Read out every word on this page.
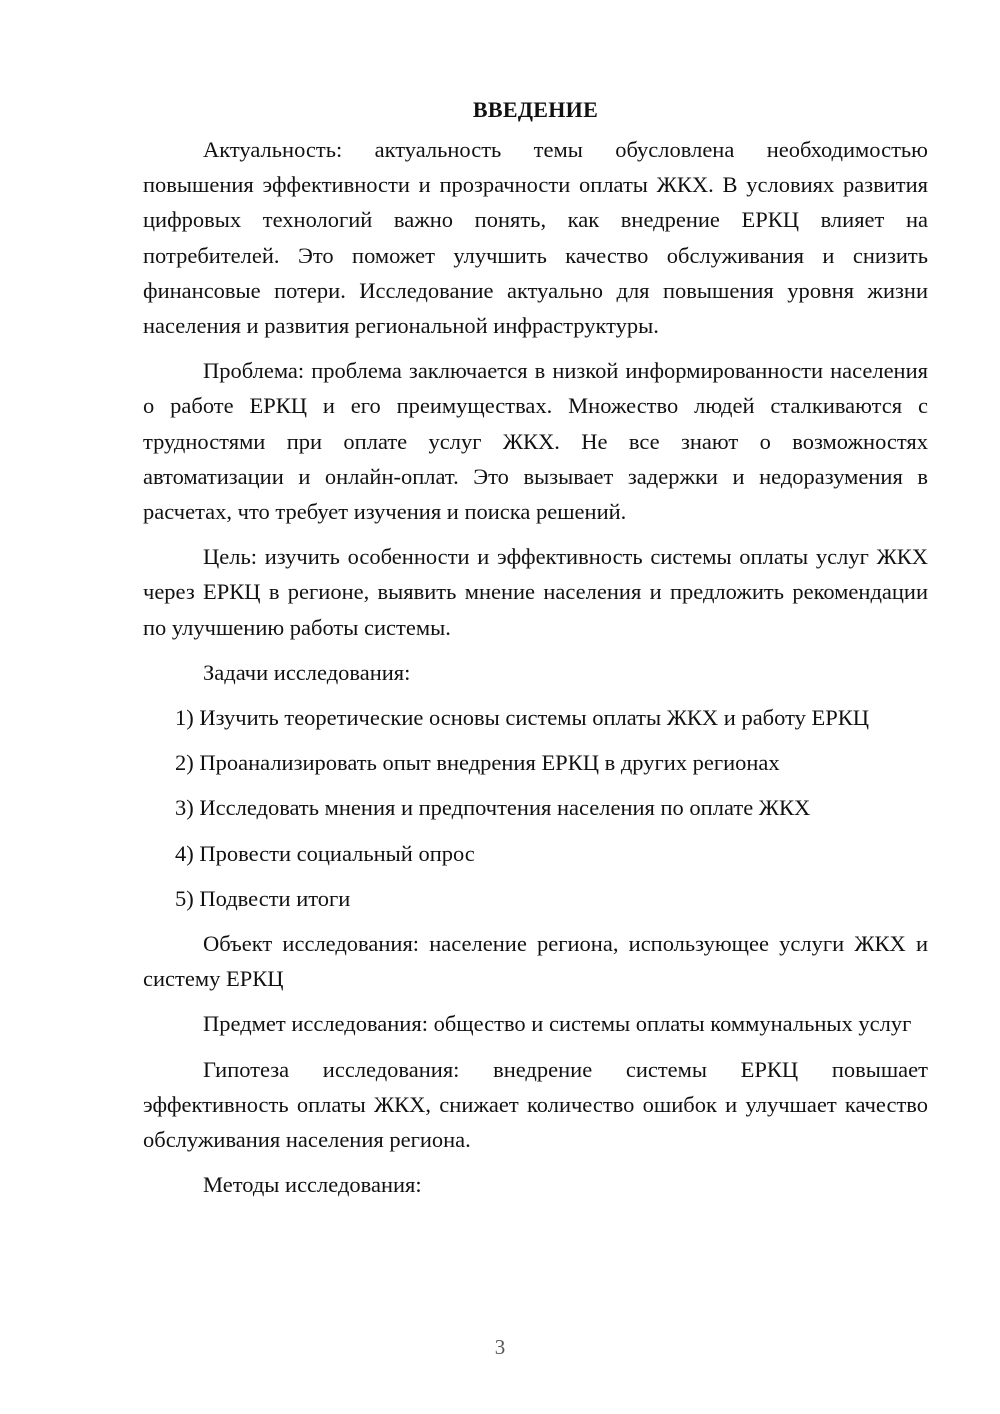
ВВЕДЕНИЕ

Актуальность: актуальность темы обусловлена необходимостью повышения эффективности и прозрачности оплаты ЖКХ. В условиях развития цифровых технологий важно понять, как внедрение ЕРКЦ влияет на потребителей. Это поможет улучшить качество обслуживания и снизить финансовые потери. Исследование актуально для повышения уровня жизни населения и развития региональной инфраструктуры.

Проблема: проблема заключается в низкой информированности населения о работе ЕРКЦ и его преимуществах. Множество людей сталкиваются с трудностями при оплате услуг ЖКХ. Не все знают о возможностях автоматизации и онлайн-оплат. Это вызывает задержки и недоразумения в расчетах, что требует изучения и поиска решений.

Цель: изучить особенности и эффективность системы оплаты услуг ЖКХ через ЕРКЦ в регионе, выявить мнение населения и предложить рекомендации по улучшению работы системы.

Задачи исследования:

1) Изучить теоретические основы системы оплаты ЖКХ и работу ЕРКЦ

2) Проанализировать опыт внедрения ЕРКЦ в других регионах

3) Исследовать мнения и предпочтения населения по оплате ЖКХ

4) Провести социальный опрос

5) Подвести итоги

Объект исследования: население региона, использующее услуги ЖКХ и систему ЕРКЦ

Предмет исследования: общество и системы оплаты коммунальных услуг

Гипотеза исследования: внедрение системы ЕРКЦ повышает эффективность оплаты ЖКХ, снижает количество ошибок и улучшает качество обслуживания населения региона.

Методы исследования:

3
